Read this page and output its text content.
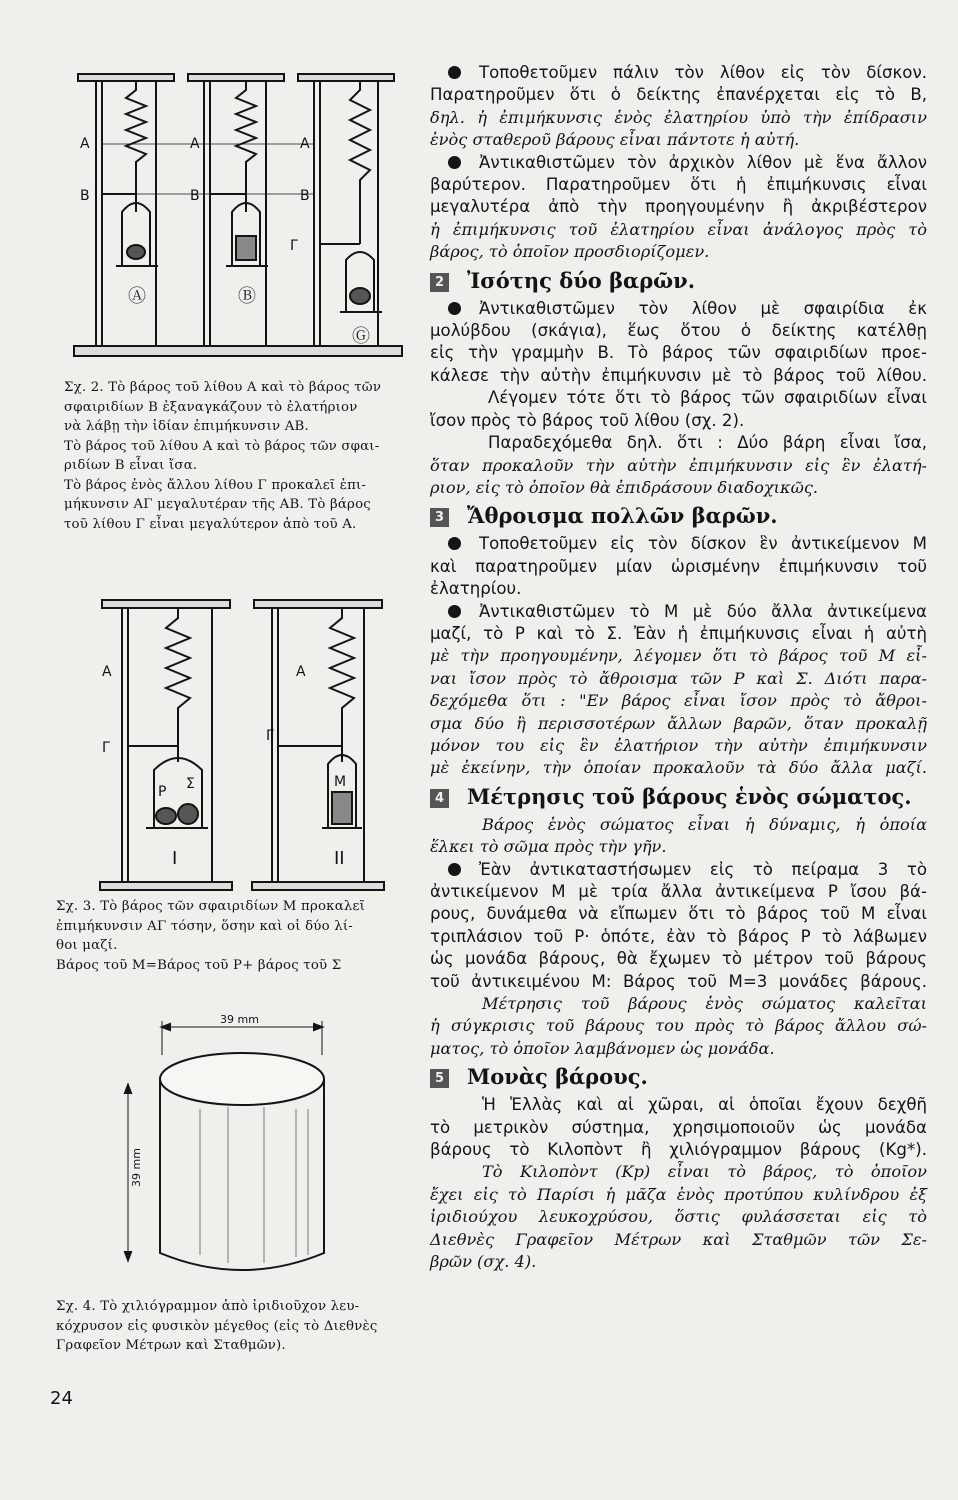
A
B
A
B
A
B
Γ
Ⓐ	Ⓑ
Ⓖ

Σχ. 2. Τὸ βάρος τοῦ λίθου Α καὶ τὸ βάρος τῶν

σφαιριδίων Β ἐξαναγκάζουν τὸ ἐλατήριον

νὰ λάβῃ τὴν ἰδίαν ἐπιμήκυνσιν ΑΒ.

Τὸ βάρος τοῦ λίθου Α καὶ τὸ βάρος τῶν σφαι-

ριδίων Β εἶναι ἴσα.

Τὸ βάρος ἑνὸς ἄλλου λίθου Γ προκαλεῖ ἐπι-

μήκυνσιν ΑΓ μεγαλυτέραν τῆς ΑΒ. Τὸ βάρος

τοῦ λίθου Γ εἶναι μεγαλύτερον ἀπὸ τοῦ Α.

A
Γ
A
Γ
P Σ	M
I	II

Σχ. 3. Τὸ βάρος τῶν σφαιριδίων Μ προκαλεῖ

ἐπιμήκυνσιν ΑΓ τόσην, ὅσην καὶ οἱ δύο λί-

θοι μαζί.

Βάρος τοῦ Μ=Βάρος τοῦ Ρ+ βάρος τοῦ Σ

39 mm
39 mm

Σχ. 4. Τὸ χιλιόγραμμον ἀπὸ ἰριδιοῦχον λευ-

κόχρυσον εἰς φυσικὸν μέγεθος (εἰς τὸ Διεθνὲς

Γραφεῖον Μέτρων καὶ Σταθμῶν).

24
Τοποθετοῦμεν πάλιν τὸν λίθον εἰς τὸν δίσκον.
Παρατηροῦμεν ὅτι ὁ δείκτης ἐπανέρχεται εἰς τὸ Β,
δηλ. ἡ ἐπιμήκυνσις ἑνὸς ἐλατηρίου ὑπὸ τὴν ἐπίδρασιν
ἑνὸς σταθεροῦ βάρους εἶναι πάντοτε ἡ αὐτή.
Ἀντικαθιστῶμεν τὸν ἀρχικὸν λίθον μὲ ἕνα ἄλλον
βαρύτερον. Παρατηροῦμεν ὅτι ἡ ἐπιμήκυνσις εἶναι
μεγαλυτέρα ἀπὸ τὴν προηγουμένην ἢ ἀκριβέστερον
ἡ ἐπιμήκυνσις τοῦ ἐλατηρίου εἶναι ἀνάλογος πρὸς τὸ
βάρος, τὸ ὁποῖον προσδιορίζομεν.
2 Ἰσότης δύο βαρῶν.
Ἀντικαθιστῶμεν τὸν λίθον μὲ σφαιρίδια ἐκ
μολύβδου (σκάγια), ἕως ὅτου ὁ δείκτης κατέλθῃ
εἰς τὴν γραμμὴν Β. Τὸ βάρος τῶν σφαιριδίων προε-
κάλεσε τὴν αὐτὴν ἐπιμήκυνσιν μὲ τὸ βάρος τοῦ λίθου.
Λέγομεν τότε ὅτι τὸ βάρος τῶν σφαιριδίων εἶναι
ἴσον πρὸς τὸ βάρος τοῦ λίθου (σχ. 2).
Παραδεχόμεθα δηλ. ὅτι : Δύο βάρη εἶναι ἴσα,
ὅταν προκαλοῦν τὴν αὐτὴν ἐπιμήκυνσιν εἰς ἓν ἐλατή-
ριον, εἰς τὸ ὁποῖον θὰ ἐπιδράσουν διαδοχικῶς.
3 Ἄθροισμα πολλῶν βαρῶν.
Τοποθετοῦμεν εἰς τὸν δίσκον ἓν ἀντικείμενον Μ
καὶ παρατηροῦμεν μίαν ὡρισμένην ἐπιμήκυνσιν τοῦ
ἐλατηρίου.
Ἀντικαθιστῶμεν τὸ Μ μὲ δύο ἄλλα ἀντικείμενα
μαζί, τὸ Ρ καὶ τὸ Σ. Ἐὰν ἡ ἐπιμήκυνσις εἶναι ἡ αὐτὴ
μὲ τὴν προηγουμένην, λέγομεν ὅτι τὸ βάρος τοῦ Μ εἶ-
ναι ἴσον πρὸς τὸ ἄθροισμα τῶν Ρ καὶ Σ. Διότι παρα-
δεχόμεθα ὅτι : "Εν βάρος εἶναι ἴσον πρὸς τὸ ἄθροι-
σμα δύο ἢ περισσοτέρων ἄλλων βαρῶν, ὅταν προκαλῇ
μόνον του εἰς ἓν ἐλατήριον τὴν αὐτὴν ἐπιμήκυνσιν
μὲ ἐκείνην, τὴν ὁποίαν προκαλοῦν τὰ δύο ἄλλα μαζί.
4 Μέτρησις τοῦ βάρους ἑνὸς σώματος.
Βάρος ἑνὸς σώματος εἶναι ἡ δύναμις, ἡ ὁποία
ἕλκει τὸ σῶμα πρὸς τὴν γῆν.
Ἐὰν ἀντικαταστήσωμεν εἰς τὸ πείραμα 3 τὸ
ἀντικείμενον Μ μὲ τρία ἄλλα ἀντικείμενα Ρ ἴσου βά-
ρους, δυνάμεθα νὰ εἴπωμεν ὅτι τὸ βάρος τοῦ Μ εἶναι
τριπλάσιον τοῦ Ρ· ὁπότε, ἐὰν τὸ βάρος Ρ τὸ λάβωμεν
ὡς μονάδα βάρους, θὰ ἔχωμεν τὸ μέτρον τοῦ βάρους
τοῦ ἀντικειμένου Μ: Βάρος τοῦ Μ=3 μονάδες βάρους.
Μέτρησις τοῦ βάρους ἑνὸς σώματος καλεῖται
ἡ σύγκρισις τοῦ βάρους του πρὸς τὸ βάρος ἄλλου σώ-
ματος, τὸ ὁποῖον λαμβάνομεν ὡς μονάδα.
5 Μονὰς βάρους.
Ἡ Ἑλλὰς καὶ αἱ χῶραι, αἱ ὁποῖαι ἔχουν δεχθῆ
τὸ μετρικὸν σύστημα, χρησιμοποιοῦν ὡς μονάδα
βάρους τὸ Κιλοπὸντ ἢ χιλιόγραμμον βάρους (Kg*).
Τὸ Κιλοπὸντ (Κp) εἶναι τὸ βάρος, τὸ ὁποῖον
ἔχει εἰς τὸ Παρίσι ἡ μᾶζα ἑνὸς προτύπου κυλίνδρου ἐξ
ἰριδιούχου λευκοχρύσου, ὅστις φυλάσσεται εἰς τὸ
Διεθνὲς Γραφεῖον Μέτρων καὶ Σταθμῶν τῶν Σε-
βρῶν (σχ. 4).
